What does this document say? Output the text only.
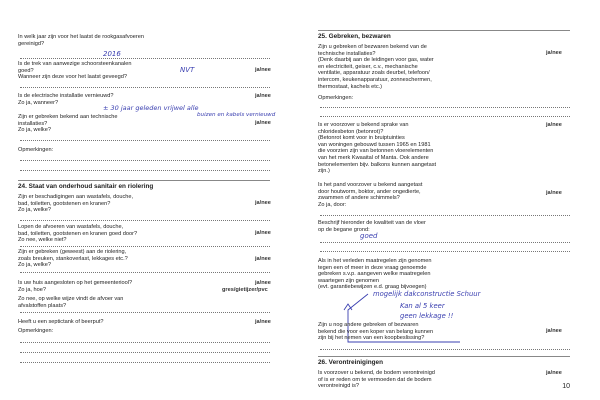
In welk jaar zijn voor het laatst de rookgasafvoeren
gereinigd?
2016
Is de trek van aanwezige schoorsteenkanalen
goed?	ja/nee
NVT
Wanneer zijn deze voor het laatst geveegd?
Is de electrische installatie vernieuwd?
Zo ja, wanneer?
ja/nee
± 30 jaar geleden vrijwel alle
buizen en kabels vernieuwd
Zijn er gebreken bekend aan technische
installaties?
Zo ja, welke?
ja/nee
Opmerkingen:
24. Staat van onderhoud sanitair en riolering
Zijn er beschadigingen aan wastafels, douche,
bad, toiletten, gootstenen en kranen?
Zo ja, welke?
ja/nee
Lopen de afvoeren van wastafels, douche,
bad, toiletten, gootstenen en kranen goed door?
Zo nee, welke niet?
ja/nee
Zijn er gebreken (geweest) aan de riolering,
zoals breuken, stankoverlast, lekkages etc.?
Zo ja, welke?
ja/nee
Is uw huis aangesloten op het gemeenteriool?
Zo ja, hoe?
ja/nee
gres/gietijzer/pvc
Zo nee, op welke wijze vindt de afvoer van
afvalstoffen plaats?
Heeft u een septictank of beerput?	ja/nee
Opmerkingen:
25. Gebreken, bezwaren
Zijn u gebreken of bezwaren bekend van de
technische installaties?
(Denk daarbij aan de leidingen voor gas, water
en electriciteit, geiser, c.v., mechanische
ventilatie, apparatuur zoals deurbel, telefoon/
intercom, keukenapparatuur, zonneschermen,
thermostaat, kachels etc.)
ja/nee
Opmerkingen:
Is er voorzover u bekend sprake van
chloridesbeton (betonrot)?
(Betonrot komt voor in bruiptuinties
van woningen gebouwd tussen 1965 en 1981
die voorzien zijn van betonnen vloerelementen
van het merk Kwaaital of Manta. Ook andere
betonelementen bijv. balkons kunnen aangetast
zijn.)
ja/nee
Is het pand voorzover u bekend aangetast
door houtworm, boktor, ander ongedierte,
zwammen of andere schimmels?
Zo ja, door:
ja/nee
Beschrijf hieronder de kwaliteit van de vloer
op de begane grond:
goed
Als in het verleden maatregelen zijn genomen
tegen een of meer in deze vraag genoemde
gebreken s.v.p. aangeven welke maatregelen
waartegen zijn genomen
(evt. garantiebewijzen e.d. graag bijvoegen)
mogelijk dakconstructie Schuur
Kan al 5 keer
geen lekkage !!
Zijn u nog andere gebreken of bezwaren
bekend die voor een koper van belang kunnen
zijn bij het nemen van een koopbeslissing?
ja/nee
26. Verontreinigingen
Is voorzover u bekend, de bodem verontreinigd
of is er reden om te vermoeden dat de bodem
verontreinigd is?
ja/nee
10
